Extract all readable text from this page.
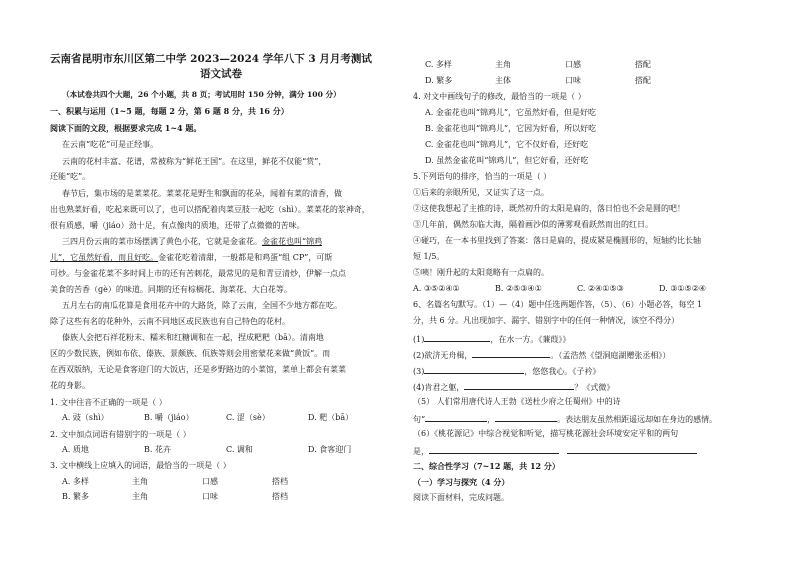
云南省昆明市东川区第二中学 2023—2024 学年八下 3 月月考测试
语文试卷
（本试卷共四个大题，26 个小题，共 8 页；考试用时 150 分钟，满分 100 分）
一、积累与运用（1~5 题，每题 2 分，第 6 题 8 分，共 16 分）
阅读下面的文段，根据要求完成 1~4 题。
在云南“吃花”可是正经事。
云南的花村丰富、花谱，常被称为“鲜花王国”。在这里，鲜花不仅能“赏”，
还能“吃”。
春节后，集市场的是菜菜花。菜菜花是野生和飘面的花朵，闻着有菜的清香，做
出也熟菜好看，吃起来既可以了，也可以搭配着肉菜豆肢一起吃（shì）。菜菜花的浆神奇，
很有质感，嚼（jiáo）劲十足，有点像肉的质地，还带了点微微的苦味。
三四月份云南的菜市场摆满了黄色小花，它就是金雀花。金雀花也叫“锦鸡
儿”，它虽然好看，而且好吃。金雀花吃着清甜，一般都是和鸡蛋“组 CP”，可斯
可炒。与金雀花菜不多时间上市的还有苦刺花，最常见的是和青豆清炒，伊解一点点
美食的苦香（ɡè）的味道。同期的还有棕榈花、海菜花、大白花等。
五月左右的南瓜花算是食用花卉中的大路货，除了云南，全国不少地方都在吃。
除了这些有名的花种外，云南不同地区或民族也有自己特色的花村。
傣族人会把石祥花粉末、糯米和红糖调和在一起，捏成粑粑（bā）。清南地
区的少数民族，例如布依、傣族、景颇族、佤族等则会用密蒙花来做“黄饭”。而
在西双版纳，无论是食客迎门的大饭店，还是乡野路边的小菜馆，菜单上都会有菜菜
花的身影。
1. 文中往音不正确的一项是（ ）
A. 豉（shì）	B. 嚼（jiáo）	C. 涩（sè）	D. 粑（bā）
2. 文中加点词语有错别字的一项是（ ）
A. 质地	B. 花卉	C. 调和	D. 食客迎门
3. 文中横线上应填入的词语，最恰当的一项是（ ）
A. 多样	主角	口感	搭档
B. 繁多	主角	口味	搭档
C. 多样	主角	口感	搭配
D. 繁多	主体	口味	搭配
4. 对文中画线句子的修改，最恰当的一项是（ ）
A. 金雀花也叫“锦鸡儿”，它虽然好看，但是好吃
B. 金雀花也叫“锦鸡儿”，它因为好看，所以好吃
C. 金雀花也叫“锦鸡儿”，它不仅好看，还好吃
D. 虽然金雀花叫“锦鸡儿”，但它好看，还好吃
5.下列语句的排序，恰当的一项是（ ）
①后来的亲眼所见，又证实了这一点。
②这使我想起了主推的诗，既然初升的太阳是扁的，落日怕也不会是圆的吧！
③几年前，偶然东临大海，隔着画沙似的薄雾观看跃然而出的红日。
④碰巧，在一本书里找到了答案：落日是扁的，提成紧是椭圆形的，短轴约比长轴
短 1/5。
⑤咦！刚升起的太阳竟略有一点扁的。
A. ③⑤②④①	B. ②⑤③④①	C. ②④①⑤③	D. ③①⑤②④
6、名篇名句默写。（1）—（4）题中任选两题作答，（5）、（6）小题必答，每空 1
分，共 6 分。凡出现加字、漏字、错别字中的任何一种情况，该空不得分）
(1)	，在水一方。《蒹葭》》
(2)欲济无舟楫，	。（孟浩然《望洞庭湖赠张丞相》）
(3)	，悠悠我心。《子衿》
(4)肯君之躯，	？《式微》
（5） 人们常用唐代诗人王勃《送杜少府之任蜀州》中的诗
句“	，	。表达朋友虽然相距遥远却如在身边的感情。
（6）《桃花源记》中综合视觉和听觉，描写桃花源社会环境安定平和的两句
是，
二、综合性学习（7~12 题，共 12 分）
（一）学习与探究（4 分）
阅读下面材料，完成问题。
